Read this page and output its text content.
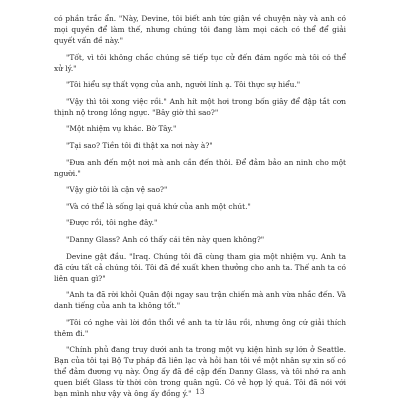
có phần trắc ẩn. "Này, Devine, tôi biết anh tức giận về chuyện này và anh có mọi quyền để làm thế, nhưng chúng tôi đang làm mọi cách có thể để giải quyết vấn đề này."

"Tốt, vì tôi không chắc chúng sẽ tiếp tục cử đến đám ngốc mà tôi có thể xử lý."

"Tôi hiểu sự thất vọng của anh, người lính ạ. Tôi thực sự hiểu."

"Vậy thì tôi xong việc rồi." Anh hít một hơi trong bốn giây để đập tắt cơn thịnh nộ trong lồng ngực. "Bây giờ thì sao?"

"Một nhiệm vụ khác. Bờ Tây."

"Tại sao? Tiền tôi đi thật xa nơi này à?"

"Đưa anh đến một nơi mà anh cần đến thôi. Để đảm bảo an ninh cho một người."

"Vậy giờ tôi là cận vệ sao?"

"Và có thể là sống lại quá khứ của anh một chút."

"Được rồi, tôi nghe đây."

"Danny Glass? Anh có thấy cái tên này quen không?"

Devine gật đầu. "Iraq. Chúng tôi đã cùng tham gia một nhiệm vụ. Anh ta đã cứu tất cả chúng tôi. Tôi đã đề xuất khen thưởng cho anh ta. Thế anh ta có liên quan gì?"

"Anh ta đã rời khỏi Quân đội ngay sau trận chiến mà anh vừa nhắc đến. Và danh tiếng của anh ta không tốt."

"Tôi có nghe vài lời đồn thổi về anh ta từ lâu rồi, nhưng ông cứ giải thích thêm đi."

"Chính phủ đang truy dưới anh ta trong một vụ kiện hình sự lớn ở Seattle. Bạn của tôi tại Bộ Tư pháp đã liên lạc và hỏi han tôi về một nhân sự xin số có thể đảm đương vụ này. Ông ấy đã đề cập đến Danny Glass, và tôi nhớ ra anh quen biết Glass từ thời còn trong quân ngũ. Có vẻ hợp lý quá. Tôi đã nói với bạn mình như vậy và ông ấy đồng ý." 13
